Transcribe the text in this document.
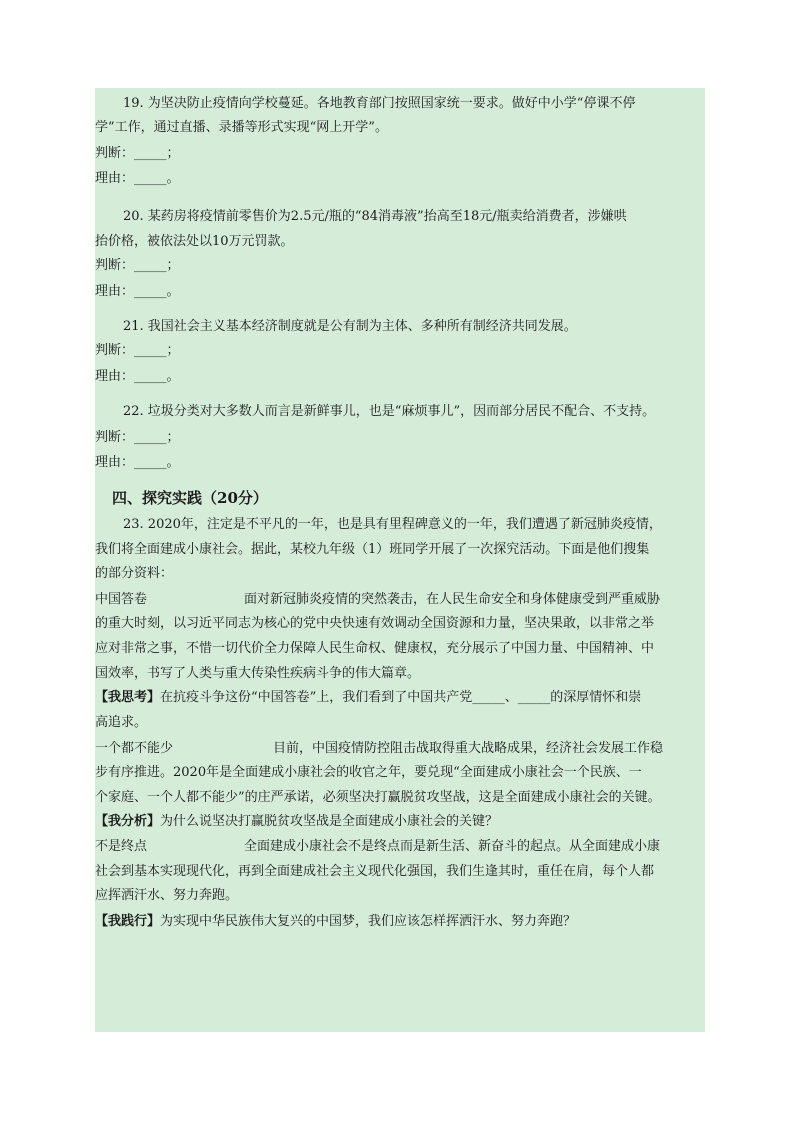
19. 为坚决防止疫情向学校蔓延。各地教育部门按照国家统一要求。做好中小学“停课不停
学”工作，通过直播、录播等形式实现“网上开学”。
判断：_____；
理由：_____。
20. 某药房将疫情前零售价为2.5元/瓶的“84消毒液”抬高至18元/瓶卖给消费者，涉嫌哄
抬价格，被依法处以10万元罚款。
判断：_____；
理由：_____。
21. 我国社会主义基本经济制度就是公有制为主体、多种所有制经济共同发展。
判断：_____；
理由：_____。
22. 垃圾分类对大多数人而言是新鲜事儿，也是“麻烦事儿”，因而部分居民不配合、不支持。
判断：_____；
理由：_____。
四、探究实践（20分）
23. 2020年，注定是不平凡的一年，也是具有里程碑意义的一年，我们遭遇了新冠肺炎疫情，
我们将全面建成小康社会。据此，某校九年级（1）班同学开展了一次探究活动。下面是他们搜集
的部分资料：
中国答卷	面对新冠肺炎疫情的突然袭击，在人民生命安全和身体健康受到严重威胁
的重大时刻，以习近平同志为核心的党中央快速有效调动全国资源和力量，坚决果敢，以非常之举
应对非常之事，不惜一切代价全力保障人民生命权、健康权，充分展示了中国力量、中国精神、中
国效率，书写了人类与重大传染性疾病斗争的伟大篇章。
【我思考】在抗疫斗争这份“中国答卷”上，我们看到了中国共产党_____、_____的深厚情怀和崇
高追求。
一个都不能少	目前，中国疫情防控阻击战取得重大战略成果，经济社会发展工作稳
步有序推进。2020年是全面建成小康社会的收官之年，要兑现“全面建成小康社会一个民族、一
个家庭、一个人都不能少”的庄严承诺，必须坚决打赢脱贫攻坚战，这是全面建成小康社会的关键。
【我分析】为什么说坚决打赢脱贫攻坚战是全面建成小康社会的关键？
不是终点	全面建成小康社会不是终点而是新生活、新奋斗的起点。从全面建成小康
社会到基本实现现代化，再到全面建成社会主义现代化强国，我们生逢其时，重任在肩，每个人都
应挥洒汗水、努力奔跑。
【我践行】为实现中华民族伟大复兴的中国梦，我们应该怎样挥洒汗水、努力奔跑？
